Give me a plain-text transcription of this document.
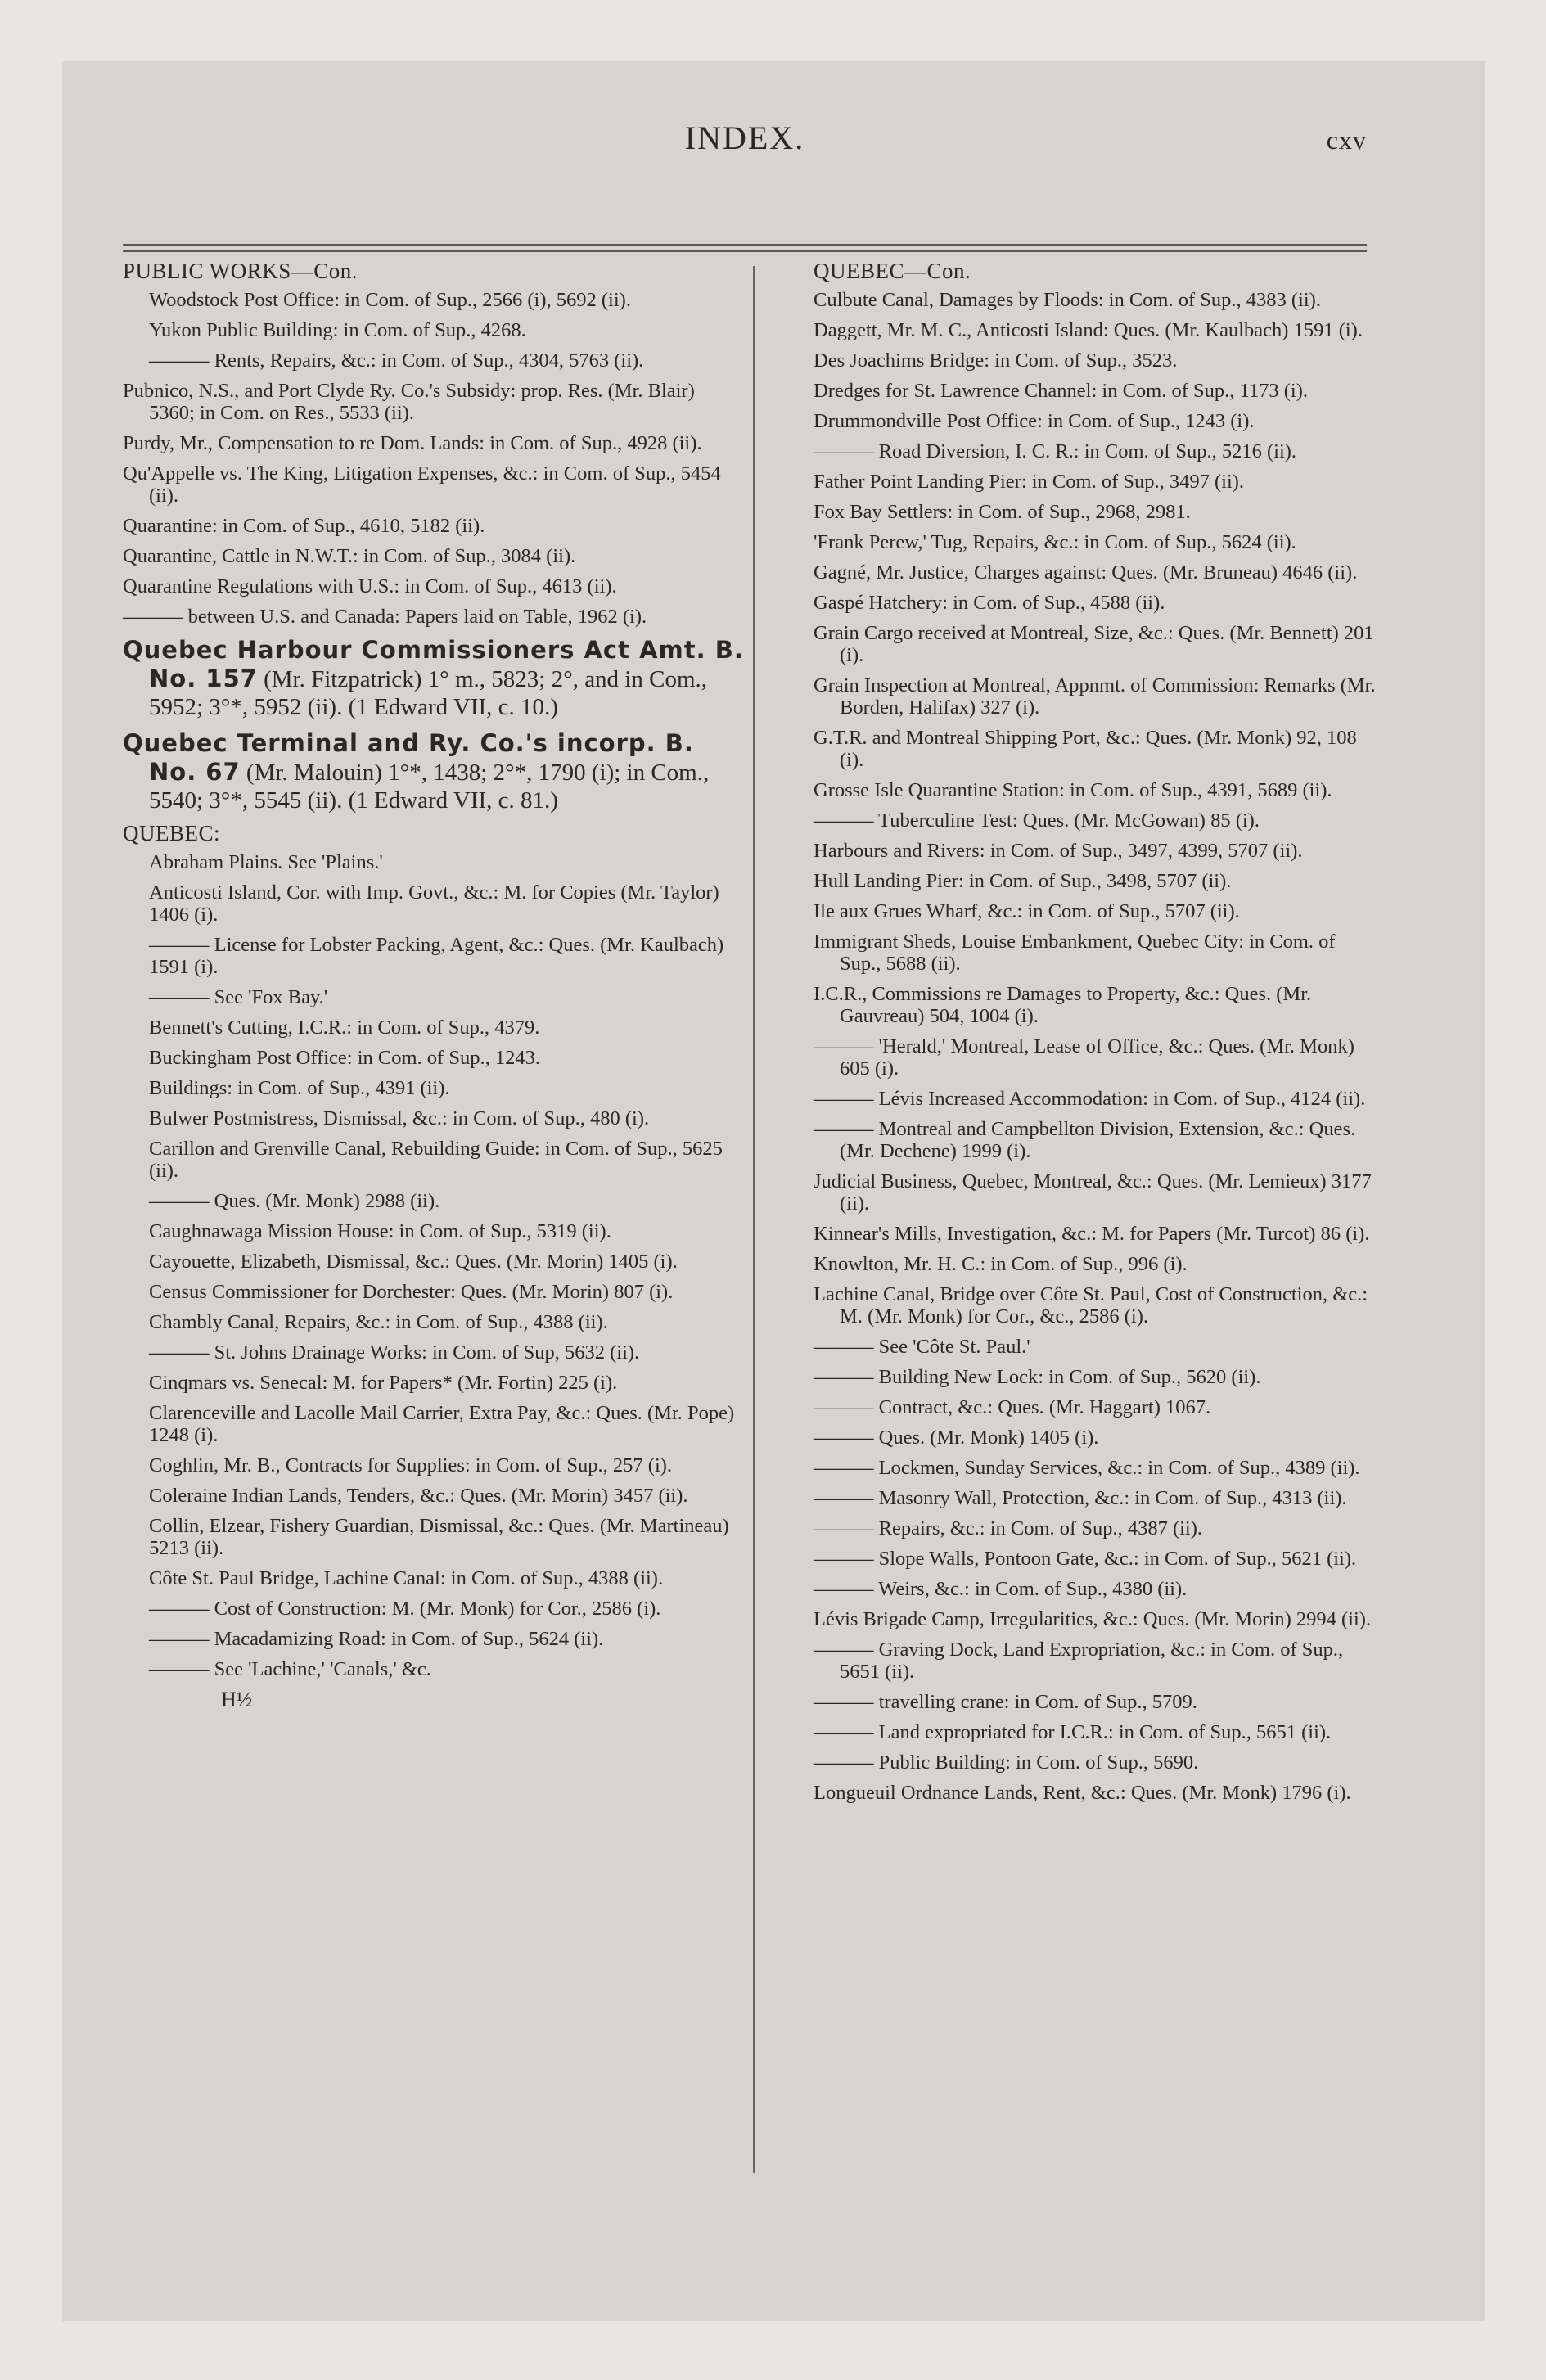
INDEX.	cxv
PUBLIC WORKS—Con.
Woodstock Post Office: in Com. of Sup., 2566 (i), 5692 (ii).
Yukon Public Building: in Com. of Sup., 4268.
——— Rents, Repairs, &c.: in Com. of Sup., 4304, 5763 (ii).
Pubnico, N.S., and Port Clyde Ry. Co.'s Subsidy: prop. Res. (Mr. Blair) 5360; in Com. on Res., 5533 (ii).
Purdy, Mr., Compensation to re Dom. Lands: in Com. of Sup., 4928 (ii).
Qu'Appelle vs. The King, Litigation Expenses, &c.: in Com. of Sup., 5454 (ii).
Quarantine: in Com. of Sup., 4610, 5182 (ii).
Quarantine, Cattle in N.W.T.: in Com. of Sup., 3084 (ii).
Quarantine Regulations with U.S.: in Com. of Sup., 4613 (ii).
——— between U.S. and Canada: Papers laid on Table, 1962 (i).
Quebec Harbour Commissioners Act Amt. B. No. 157 (Mr. Fitzpatrick) 1° m., 5823; 2°, and in Com., 5952; 3°*, 5952 (ii). (1 Edward VII, c. 10.)
Quebec Terminal and Ry. Co.'s incorp. B. No. 67 (Mr. Malouin) 1°*, 1438; 2°*, 1790 (i); in Com., 5540; 3°*, 5545 (ii). (1 Edward VII, c. 81.)
QUEBEC:
Abraham Plains. See 'Plains.'
Anticosti Island, Cor. with Imp. Govt., &c.: M. for Copies (Mr. Taylor) 1406 (i).
——— License for Lobster Packing, Agent, &c.: Ques. (Mr. Kaulbach) 1591 (i).
——— See 'Fox Bay.'
Bennett's Cutting, I.C.R.: in Com. of Sup., 4379.
Buckingham Post Office: in Com. of Sup., 1243.
Buildings: in Com. of Sup., 4391 (ii).
Bulwer Postmistress, Dismissal, &c.: in Com. of Sup., 480 (i).
Carillon and Grenville Canal, Rebuilding Guide: in Com. of Sup., 5625 (ii).
——— Ques. (Mr. Monk) 2988 (ii).
Caughnawaga Mission House: in Com. of Sup., 5319 (ii).
Cayouette, Elizabeth, Dismissal, &c.: Ques. (Mr. Morin) 1405 (i).
Census Commissioner for Dorchester: Ques. (Mr. Morin) 807 (i).
Chambly Canal, Repairs, &c.: in Com. of Sup., 4388 (ii).
——— St. Johns Drainage Works: in Com. of Sup, 5632 (ii).
Cinqmars vs. Senecal: M. for Papers* (Mr. Fortin) 225 (i).
Clarenceville and Lacolle Mail Carrier, Extra Pay, &c.: Ques. (Mr. Pope) 1248 (i).
Coghlin, Mr. B., Contracts for Supplies: in Com. of Sup., 257 (i).
Coleraine Indian Lands, Tenders, &c.: Ques. (Mr. Morin) 3457 (ii).
Collin, Elzear, Fishery Guardian, Dismissal, &c.: Ques. (Mr. Martineau) 5213 (ii).
Côte St. Paul Bridge, Lachine Canal: in Com. of Sup., 4388 (ii).
——— Cost of Construction: M. (Mr. Monk) for Cor., 2586 (i).
——— Macadamizing Road: in Com. of Sup., 5624 (ii).
——— See 'Lachine,' 'Canals,' &c.
H½
QUEBEC—Con.
Culbute Canal, Damages by Floods: in Com. of Sup., 4383 (ii).
Daggett, Mr. M. C., Anticosti Island: Ques. (Mr. Kaulbach) 1591 (i).
Des Joachims Bridge: in Com. of Sup., 3523.
Dredges for St. Lawrence Channel: in Com. of Sup., 1173 (i).
Drummondville Post Office: in Com. of Sup., 1243 (i).
——— Road Diversion, I. C. R.: in Com. of Sup., 5216 (ii).
Father Point Landing Pier: in Com. of Sup., 3497 (ii).
Fox Bay Settlers: in Com. of Sup., 2968, 2981.
'Frank Perew,' Tug, Repairs, &c.: in Com. of Sup., 5624 (ii).
Gagné, Mr. Justice, Charges against: Ques. (Mr. Bruneau) 4646 (ii).
Gaspé Hatchery: in Com. of Sup., 4588 (ii).
Grain Cargo received at Montreal, Size, &c.: Ques. (Mr. Bennett) 201 (i).
Grain Inspection at Montreal, Appnmt. of Commission: Remarks (Mr. Borden, Halifax) 327 (i).
G.T.R. and Montreal Shipping Port, &c.: Ques. (Mr. Monk) 92, 108 (i).
Grosse Isle Quarantine Station: in Com. of Sup., 4391, 5689 (ii).
——— Tuberculine Test: Ques. (Mr. McGowan) 85 (i).
Harbours and Rivers: in Com. of Sup., 3497, 4399, 5707 (ii).
Hull Landing Pier: in Com. of Sup., 3498, 5707 (ii).
Ile aux Grues Wharf, &c.: in Com. of Sup., 5707 (ii).
Immigrant Sheds, Louise Embankment, Quebec City: in Com. of Sup., 5688 (ii).
I.C.R., Commissions re Damages to Property, &c.: Ques. (Mr. Gauvreau) 504, 1004 (i).
——— 'Herald,' Montreal, Lease of Office, &c.: Ques. (Mr. Monk) 605 (i).
——— Lévis Increased Accommodation: in Com. of Sup., 4124 (ii).
——— Montreal and Campbellton Division, Extension, &c.: Ques. (Mr. Dechene) 1999 (i).
Judicial Business, Quebec, Montreal, &c.: Ques. (Mr. Lemieux) 3177 (ii).
Kinnear's Mills, Investigation, &c.: M. for Papers (Mr. Turcot) 86 (i).
Knowlton, Mr. H. C.: in Com. of Sup., 996 (i).
Lachine Canal, Bridge over Côte St. Paul, Cost of Construction, &c.: M. (Mr. Monk) for Cor., &c., 2586 (i).
——— See 'Côte St. Paul.'
——— Building New Lock: in Com. of Sup., 5620 (ii).
——— Contract, &c.: Ques. (Mr. Haggart) 1067.
——— Ques. (Mr. Monk) 1405 (i).
——— Lockmen, Sunday Services, &c.: in Com. of Sup., 4389 (ii).
——— Masonry Wall, Protection, &c.: in Com. of Sup., 4313 (ii).
——— Repairs, &c.: in Com. of Sup., 4387 (ii).
——— Slope Walls, Pontoon Gate, &c.: in Com. of Sup., 5621 (ii).
——— Weirs, &c.: in Com. of Sup., 4380 (ii).
Lévis Brigade Camp, Irregularities, &c.: Ques. (Mr. Morin) 2994 (ii).
——— Graving Dock, Land Expropriation, &c.: in Com. of Sup., 5651 (ii).
——— travelling crane: in Com. of Sup., 5709.
——— Land expropriated for I.C.R.: in Com. of Sup., 5651 (ii).
——— Public Building: in Com. of Sup., 5690.
Longueuil Ordnance Lands, Rent, &c.: Ques. (Mr. Monk) 1796 (i).
